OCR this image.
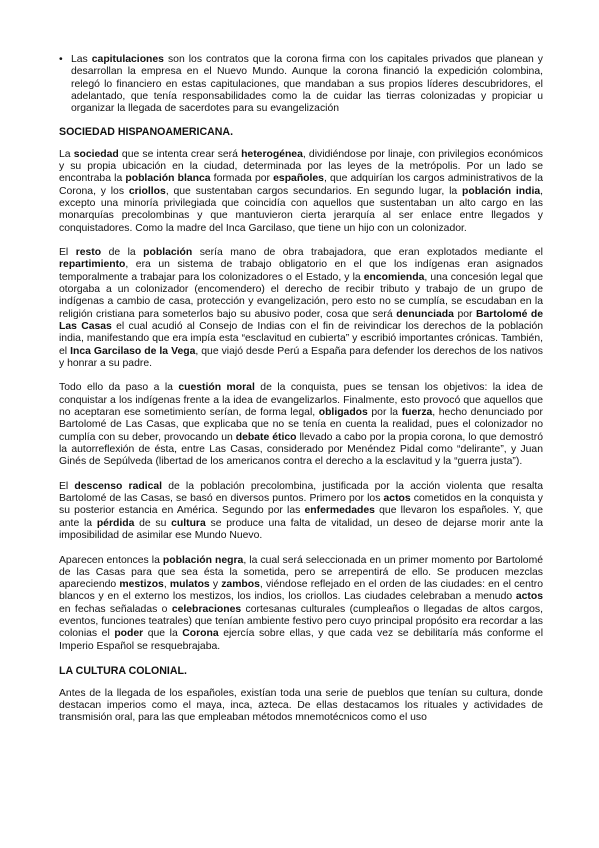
• Las capitulaciones son los contratos que la corona firma con los capitales privados que planean y desarrollan la empresa en el Nuevo Mundo. Aunque la corona financió la expedición colombina, relegó lo financiero en estas capitulaciones, que mandaban a sus propios líderes descubridores, el adelantado, que tenía responsabilidades como la de cuidar las tierras colonizadas y propiciar u organizar la llegada de sacerdotes para su evangelización
SOCIEDAD HISPANOAMERICANA.

La sociedad que se intenta crear será heterogénea, dividiéndose por linaje, con privilegios económicos y su propia ubicación en la ciudad, determinada por las leyes de la metrópolis. Por un lado se encontraba la población blanca formada por españoles, que adquirían los cargos administrativos de la Corona, y los criollos, que sustentaban cargos secundarios. En segundo lugar, la población india, excepto una minoría privilegiada que coincidía con aquellos que sustentaban un alto cargo en las monarquías precolombinas y que mantuvieron cierta jerarquía al ser enlace entre llegados y conquistadores. Como la madre del Inca Garcilaso, que tiene un hijo con un colonizador.

El resto de la población sería mano de obra trabajadora, que eran explotados mediante el repartimiento, era un sistema de trabajo obligatorio en el que los indígenas eran asignados temporalmente a trabajar para los colonizadores o el Estado, y la encomienda, una concesión legal que otorgaba a un colonizador (encomendero) el derecho de recibir tributo y trabajo de un grupo de indígenas a cambio de casa, protección y evangelización, pero esto no se cumplía, se escudaban en la religión cristiana para someterlos bajo su abusivo poder, cosa que será denunciada por Bartolomé de Las Casas el cual acudió al Consejo de Indias con el fin de reivindicar los derechos de la población india, manifestando que era impía esta “esclavitud en cubierta” y escribió importantes crónicas. También, el Inca Garcilaso de la Vega, que viajó desde Perú a España para defender los derechos de los nativos y honrar a su padre.

Todo ello da paso a la cuestión moral de la conquista, pues se tensan los objetivos: la idea de conquistar a los indígenas frente a la idea de evangelizarlos. Finalmente, esto provocó que aquellos que no aceptaran ese sometimiento serían, de forma legal, obligados por la fuerza, hecho denunciado por Bartolomé de Las Casas, que explicaba que no se tenía en cuenta la realidad, pues el colonizador no cumplía con su deber, provocando un debate ético llevado a cabo por la propia corona, lo que demostró la autorreflexión de ésta, entre Las Casas, considerado por Menéndez Pidal como “delirante”, y Juan Ginés de Sepúlveda (libertad de los americanos contra el derecho a la esclavitud y la “guerra justa”).

El descenso radical de la población precolombina, justificada por la acción violenta que resalta Bartolomé de las Casas, se basó en diversos puntos. Primero por los actos cometidos en la conquista y su posterior estancia en América. Segundo por las enfermedades que llevaron los españoles. Y, que ante la pérdida de su cultura se produce una falta de vitalidad, un deseo de dejarse morir ante la imposibilidad de asimilar ese Mundo Nuevo.

Aparecen entonces la población negra, la cual será seleccionada en un primer momento por Bartolomé de las Casas para que sea ésta la sometida, pero se arrepentirá de ello. Se producen mezclas apareciendo mestizos, mulatos y zambos, viéndose reflejado en el orden de las ciudades: en el centro blancos y en el externo los mestizos, los indios, los criollos. Las ciudades celebraban a menudo actos en fechas señaladas o celebraciones cortesanas culturales (cumpleaños o llegadas de altos cargos, eventos, funciones teatrales) que tenían ambiente festivo pero cuyo principal propósito era recordar a las colonias el poder que la Corona ejercía sobre ellas, y que cada vez se debilitaría más conforme el Imperio Español se resquebrajaba.

LA CULTURA COLONIAL.

Antes de la llegada de los españoles, existían toda una serie de pueblos que tenían su cultura, donde destacan imperios como el maya, inca, azteca. De ellas destacamos los rituales y actividades de transmisión oral, para las que empleaban métodos mnemotécnicos como el uso
